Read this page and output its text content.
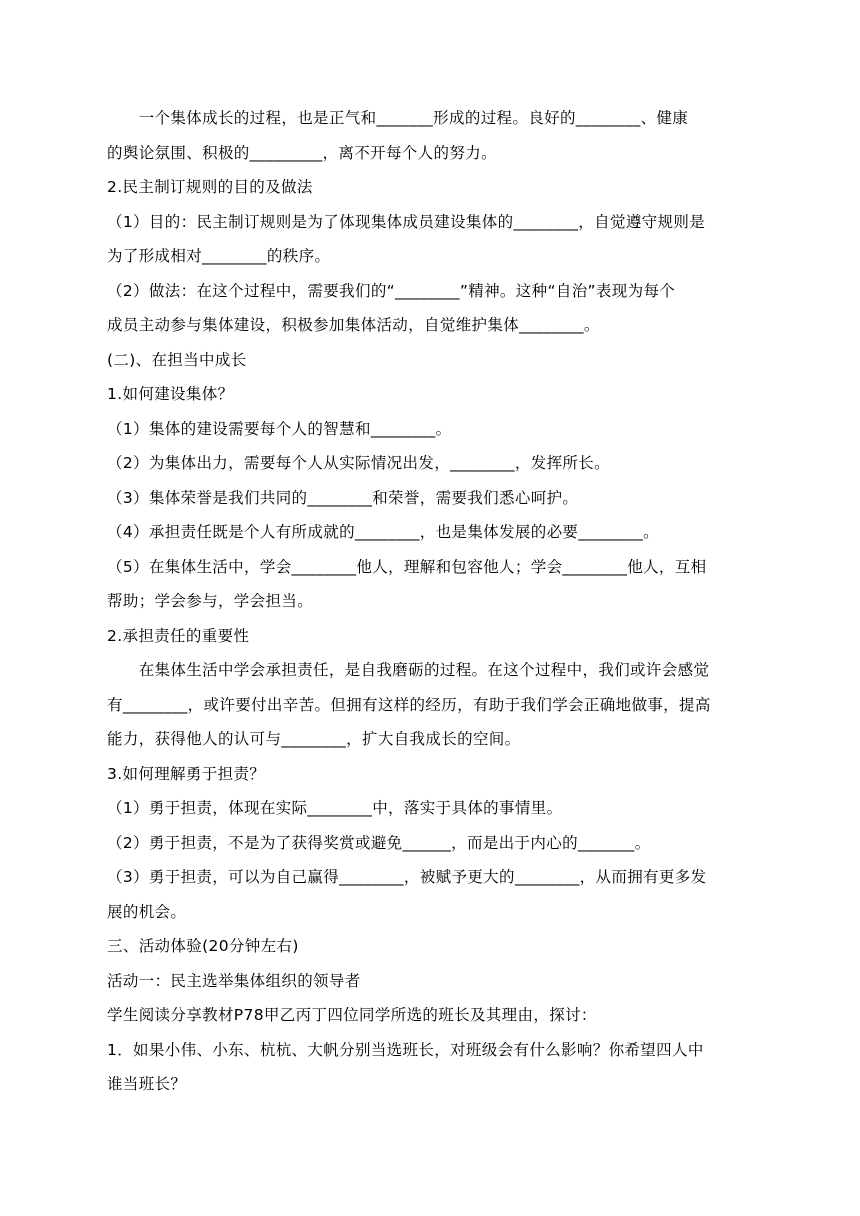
　　一个集体成长的过程，也是正气和_______形成的过程。良好的________、健康

的舆论氛围、积极的_________，离不开每个人的努力。

2.民主制订规则的目的及做法

（1）目的：民主制订规则是为了体现集体成员建设集体的________，自觉遵守规则是

为了形成相对________的秩序。

（2）做法：在这个过程中，需要我们的“________”精神。这种“自治”表现为每个

成员主动参与集体建设，积极参加集体活动，自觉维护集体________。

(二)、在担当中成长

1.如何建设集体？

（1）集体的建设需要每个人的智慧和________。

（2）为集体出力，需要每个人从实际情况出发，________，发挥所长。

（3）集体荣誉是我们共同的________和荣誉，需要我们悉心呵护。

（4）承担责任既是个人有所成就的________，也是集体发展的必要________。

（5）在集体生活中，学会________他人，理解和包容他人；学会________他人，互相

帮助；学会参与，学会担当。

2.承担责任的重要性

　　在集体生活中学会承担责任，是自我磨砺的过程。在这个过程中，我们或许会感觉

有________，或许要付出辛苦。但拥有这样的经历，有助于我们学会正确地做事，提高

能力，获得他人的认可与________，扩大自我成长的空间。

3.如何理解勇于担责？

（1）勇于担责，体现在实际________中，落实于具体的事情里。

（2）勇于担责，不是为了获得奖赏或避免______，而是出于内心的_______。

（3）勇于担责，可以为自己赢得________，被赋予更大的________，从而拥有更多发

展的机会。

三、活动体验(20分钟左右)

活动一：民主选举集体组织的领导者

学生阅读分享教材P78甲乙丙丁四位同学所选的班长及其理由，探讨：

1．如果小伟、小东、杭杭、大帆分别当选班长，对班级会有什么影响？你希望四人中

谁当班长？
